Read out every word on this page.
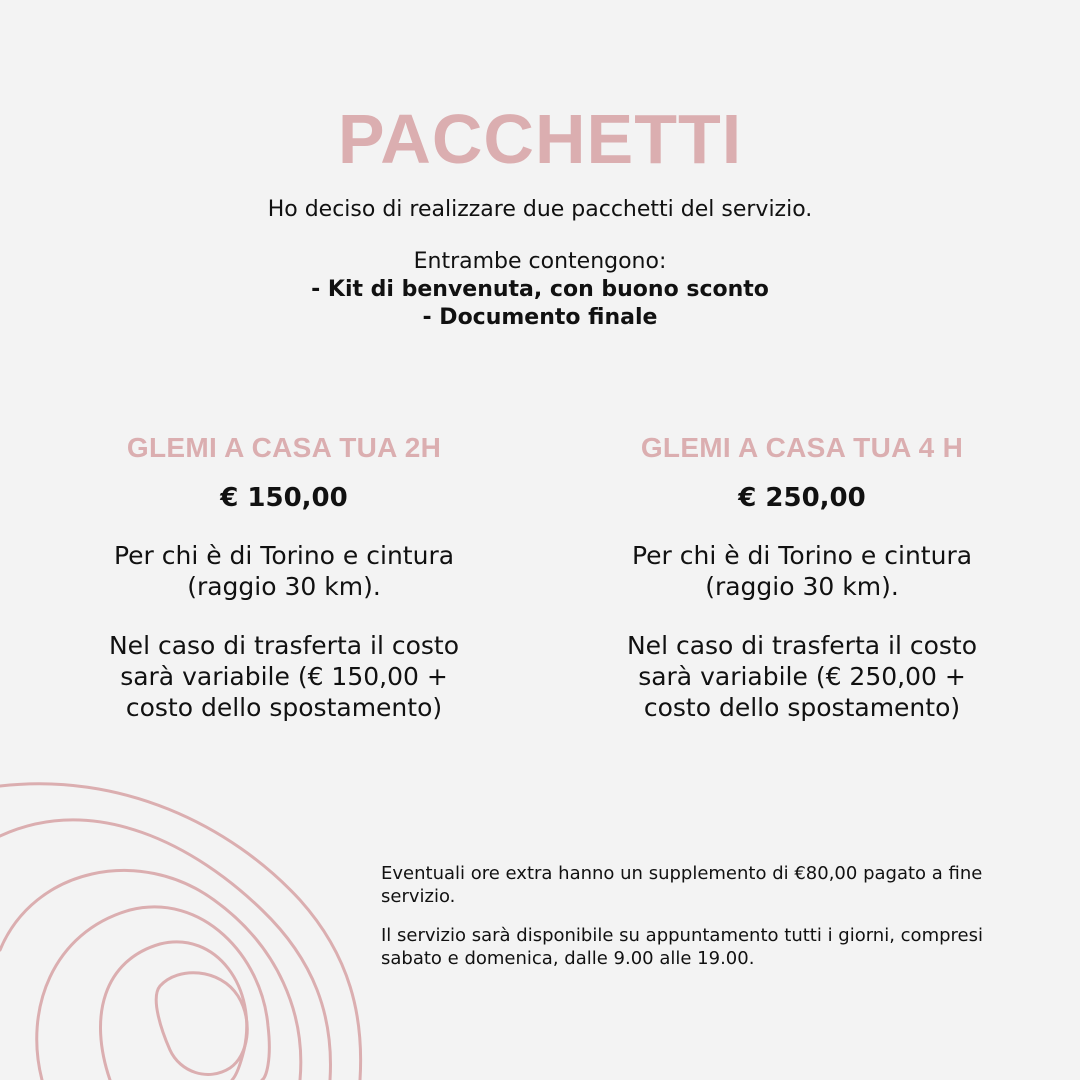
PACCHETTI
Ho deciso di realizzare due pacchetti del servizio.
Entrambe contengono:
- Kit di benvenuta, con buono sconto
- Documento finale
GLEMI A CASA TUA 2H
€ 150,00
Per chi è di Torino e cintura
(raggio 30 km).
Nel caso di trasferta il costo
sarà variabile (€ 150,00 +
costo dello spostamento)
GLEMI A CASA TUA 4 H
€ 250,00
Per chi è di Torino e cintura
(raggio 30 km).
Nel caso di trasferta il costo
sarà variabile (€ 250,00 +
costo dello spostamento)

Eventuali ore extra hanno un supplemento di €80,00 pagato a fine servizio.

Il servizio sarà disponibile su appuntamento tutti i giorni, compresi sabato e domenica, dalle 9.00 alle 19.00.
